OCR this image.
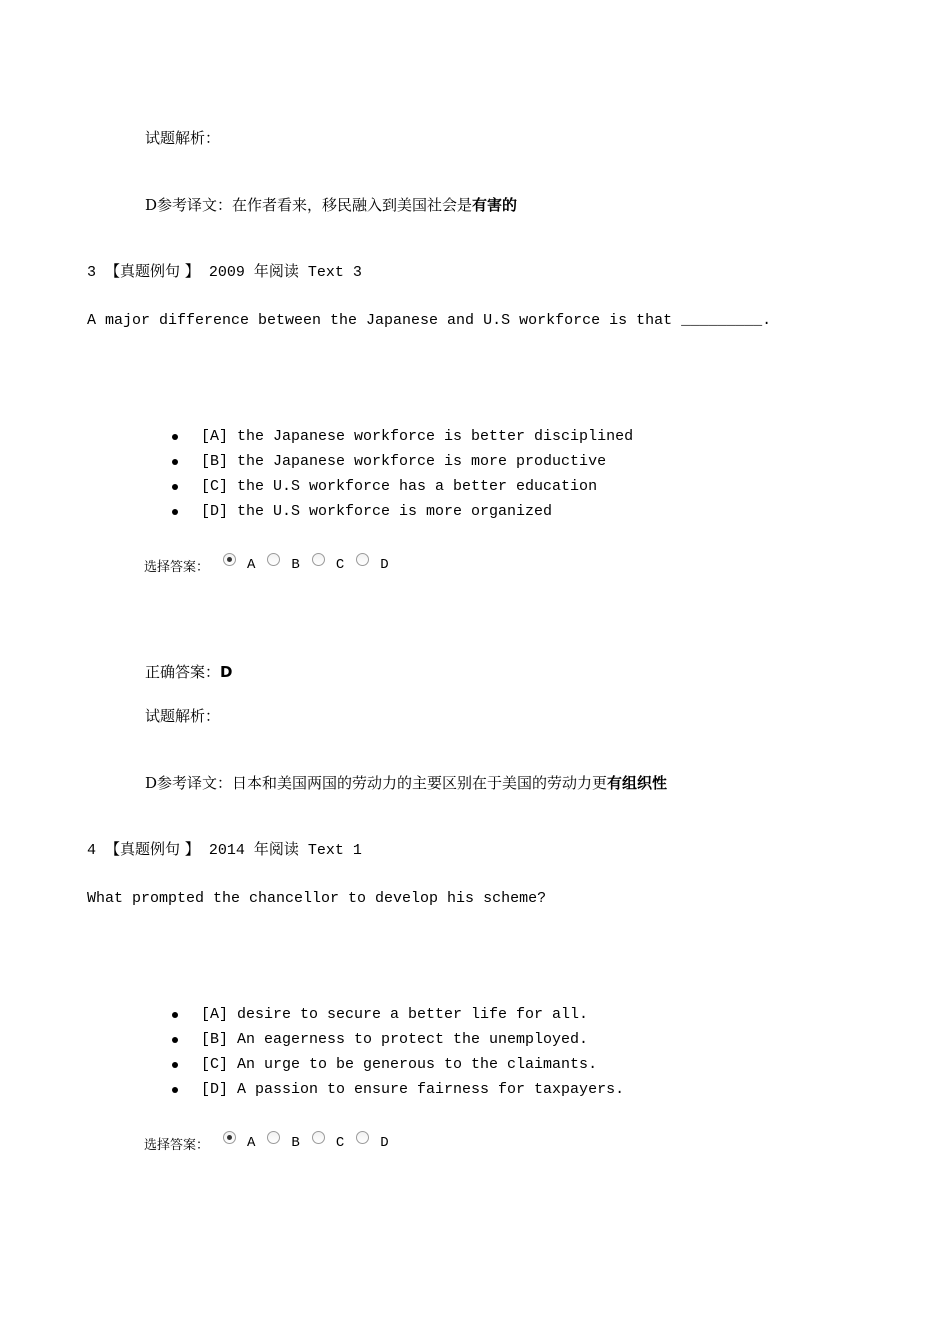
试题解析：
D参考译文：在作者看来，移民融入到美国社会是有害的
3 【真题例句 】 2009 年阅读 Text 3
A major difference between the Japanese and U.S workforce is that _________.
[A] the Japanese workforce is better disciplined
[B] the Japanese workforce is more productive
[C] the U.S workforce has a better education
[D] the U.S workforce is more organized
选择答案：	A	B	C	D
正确答案：D
试题解析：
D参考译文：日本和美国两国的劳动力的主要区别在于美国的劳动力更有组织性
4 【真题例句 】 2014 年阅读 Text 1
What prompted the chancellor to develop his scheme?
[A] desire to secure a better life for all.
[B] An eagerness to protect the unemployed.
[C] An urge to be generous to the claimants.
[D] A passion to ensure fairness for taxpayers.
选择答案：	A	B	C	D
